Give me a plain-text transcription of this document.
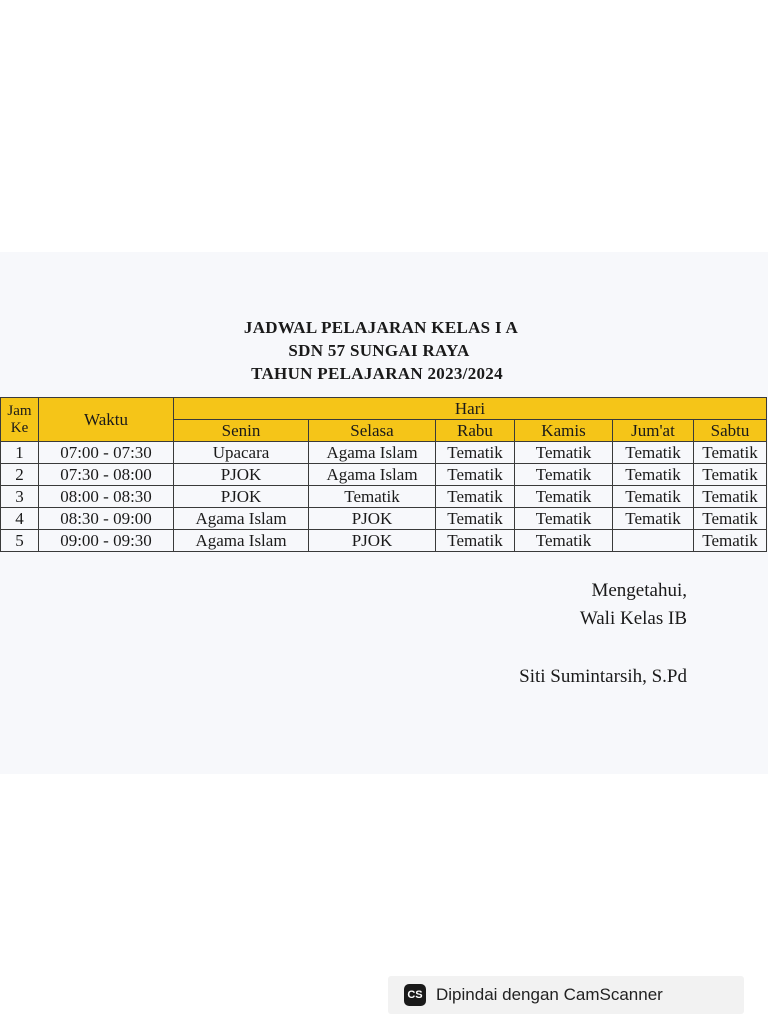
JADWAL PELAJARAN KELAS I A
SDN 57 SUNGAI RAYA
TAHUN PELAJARAN 2023/2024
Jam
Ke	Waktu	Hari					
		Senin	Selasa	Rabu	Kamis	Jum'at	Sabtu
1	07:00 - 07:30	Upacara	Agama Islam	Tematik	Tematik	Tematik	Tematik
2	07:30 - 08:00	PJOK	Agama Islam	Tematik	Tematik	Tematik	Tematik
3	08:00 - 08:30	PJOK	Tematik	Tematik	Tematik	Tematik	Tematik
4	08:30 - 09:00	Agama Islam	PJOK	Tematik	Tematik	Tematik	Tematik
5	09:00 - 09:30	Agama Islam	PJOK	Tematik	Tematik		Tematik
Mengetahui,
Wali Kelas IB
Siti Sumintarsih, S.Pd
CS Dipindai dengan CamScanner
